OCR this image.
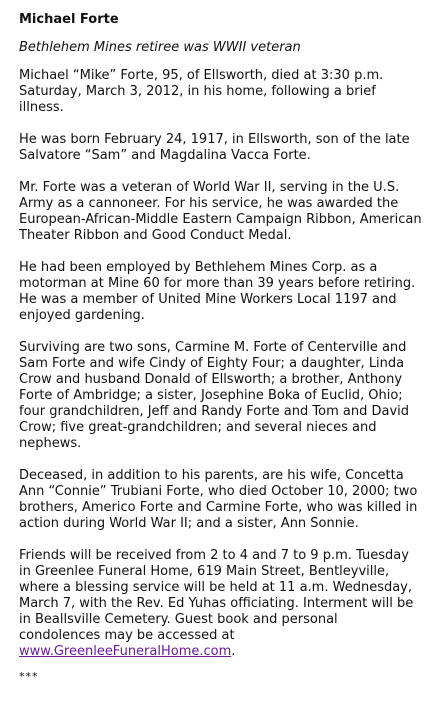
Michael Forte
Bethlehem Mines retiree was WWII veteran

Michael “Mike” Forte, 95, of Ellsworth, died at 3:30 p.m. Saturday, March 3, 2012, in his home, following a brief illness.

He was born February 24, 1917, in Ellsworth, son of the late Salvatore “Sam” and Magdalina Vacca Forte.

Mr. Forte was a veteran of World War II, serving in the U.S. Army as a cannoneer. For his service, he was awarded the European-African-Middle Eastern Campaign Ribbon, American Theater Ribbon and Good Conduct Medal.

He had been employed by Bethlehem Mines Corp. as a motorman at Mine 60 for more than 39 years before retiring. He was a member of United Mine Workers Local 1197 and enjoyed gardening.

Surviving are two sons, Carmine M. Forte of Centerville and Sam Forte and wife Cindy of Eighty Four; a daughter, Linda Crow and husband Donald of Ellsworth; a brother, Anthony Forte of Ambridge; a sister, Josephine Boka of Euclid, Ohio; four grandchildren, Jeff and Randy Forte and Tom and David Crow; five great-grandchildren; and several nieces and nephews.

Deceased, in addition to his parents, are his wife, Concetta Ann “Connie” Trubiani Forte, who died October 10, 2000; two brothers, Americo Forte and Carmine Forte, who was killed in action during World War II; and a sister, Ann Sonnie.

Friends will be received from 2 to 4 and 7 to 9 p.m. Tuesday in Greenlee Funeral Home, 619 Main Street, Bentleyville, where a blessing service will be held at 11 a.m. Wednesday, March 7, with the Rev. Ed Yuhas officiating. Interment will be in Beallsville Cemetery. Guest book and personal condolences may be accessed at www.GreenleeFuneralHome.com.

***
